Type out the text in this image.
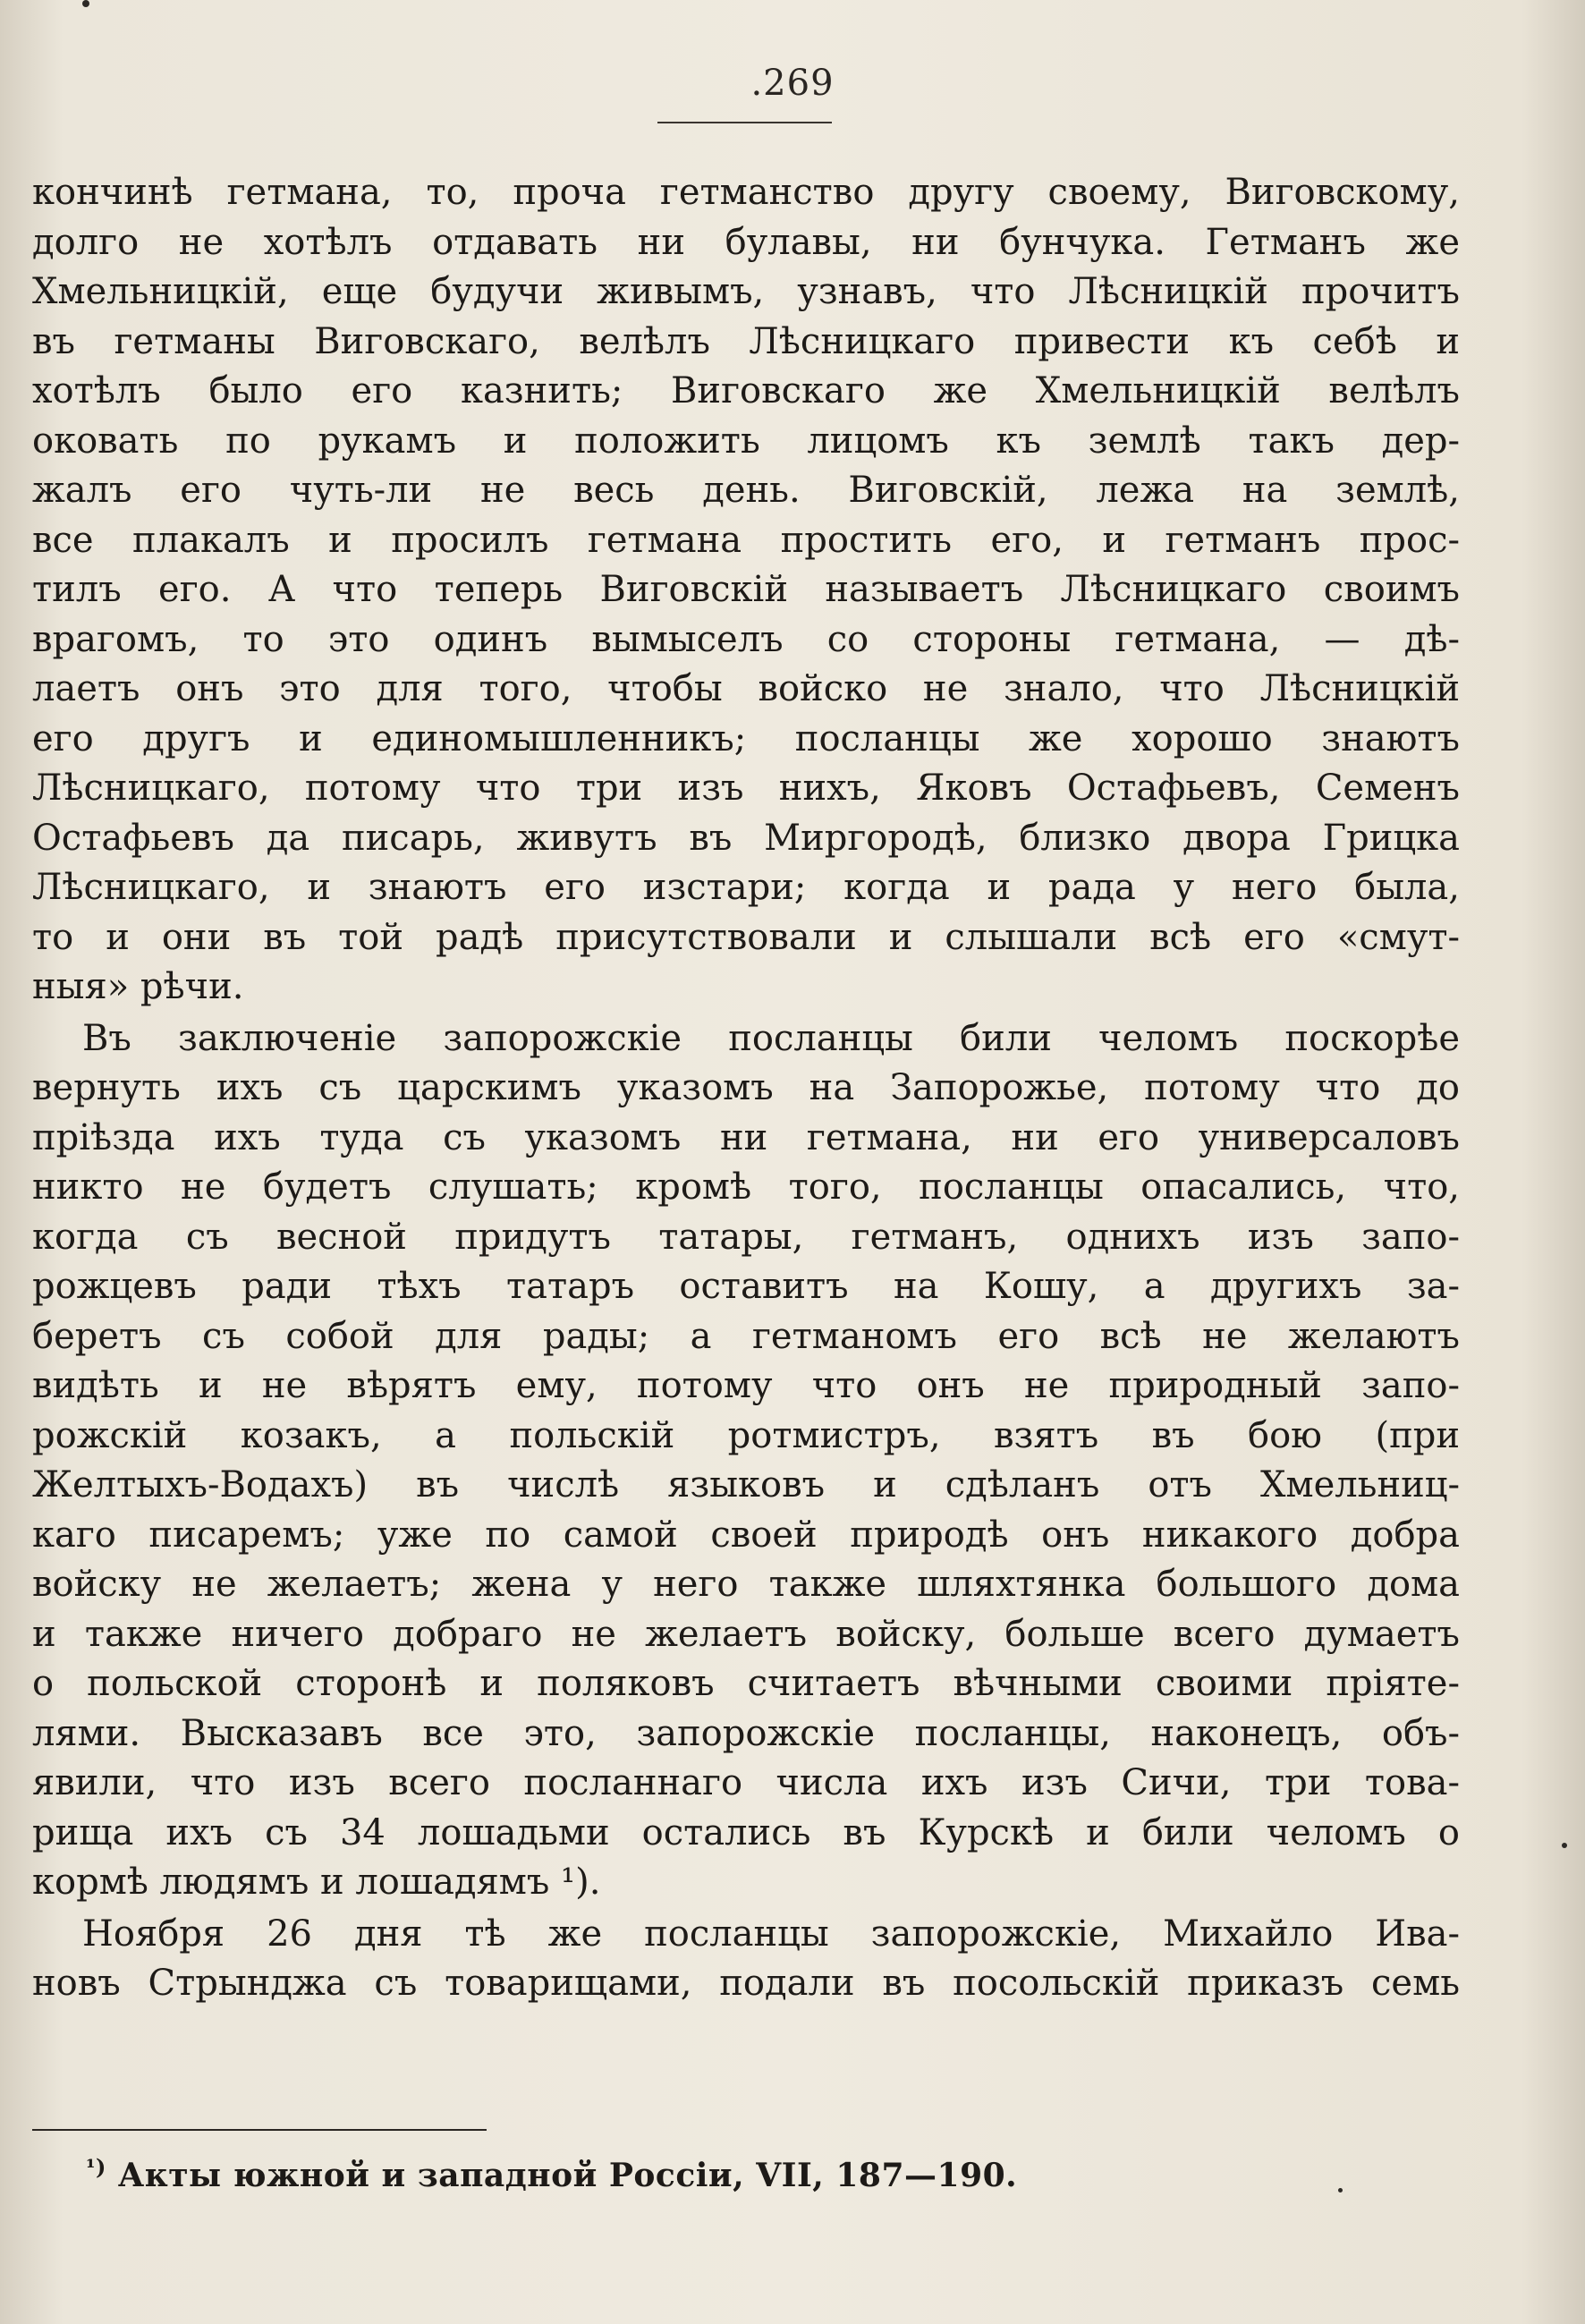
.269

кончинѣ гетмана, то, проча гетманство другу своему, Виговскому,

долго не хотѣлъ отдавать ни булавы, ни бунчука. Гетманъ же

Хмельницкій, еще будучи живымъ, узнавъ, что Лѣсницкій прочитъ

въ гетманы Виговскаго, велѣлъ Лѣсницкаго привести къ себѣ и

хотѣлъ было его казнить; Виговскаго же Хмельницкій велѣлъ

оковать по рукамъ и положить лицомъ къ землѣ такъ дер-

жалъ его чуть-ли не весь день. Виговскій, лежа на землѣ,

все плакалъ и просилъ гетмана простить его, и гетманъ прос-

тилъ его. А что теперь Виговскій называетъ Лѣсницкаго своимъ

врагомъ, то это одинъ вымыселъ со стороны гетмана, — дѣ-

лаетъ онъ это для того, чтобы войско не знало, что Лѣсницкій

его другъ и единомышленникъ; посланцы же хорошо знаютъ

Лѣсницкаго, потому что три изъ нихъ, Яковъ Остафьевъ, Семенъ

Остафьевъ да писарь, живутъ въ Миргородѣ, близко двора Грицка

Лѣсницкаго, и знаютъ его изстари; когда и рада у него была,

то и они въ той радѣ присутствовали и слышали всѣ его «смут-

ныя» рѣчи.

Въ заключеніе запорожскіе посланцы били челомъ поскорѣе

вернуть ихъ съ царскимъ указомъ на Запорожье, потому что до

пріѣзда ихъ туда съ указомъ ни гетмана, ни его универсаловъ

никто не будетъ слушать; кромѣ того, посланцы опасались, что,

когда съ весной придутъ татары, гетманъ, однихъ изъ запо-

рожцевъ ради тѣхъ татаръ оставитъ на Кошу, а другихъ за-

беретъ съ собой для рады; а гетманомъ его всѣ не желаютъ

видѣть и не вѣрятъ ему, потому что онъ не природный запо-

рожскій козакъ, а польскій ротмистръ, взятъ въ бою (при

Желтыхъ-Водахъ) въ числѣ языковъ и сдѣланъ отъ Хмельниц-

каго писаремъ; уже по самой своей природѣ онъ никакого добра

войску не желаетъ; жена у него также шляхтянка большого дома

и также ничего добраго не желаетъ войску, больше всего думаетъ

о польской сторонѣ и поляковъ считаетъ вѣчными своими пріяте-

лями. Высказавъ все это, запорожскіе посланцы, наконецъ, объ-

явили, что изъ всего посланнаго числа ихъ изъ Сичи, три това-

рища ихъ съ 34 лошадьми остались въ Курскѣ и били челомъ о

кормѣ людямъ и лошадямъ ¹).

Ноября 26 дня тѣ же посланцы запорожскіе, Михайло Ива-

новъ Стрынджа съ товарищами, подали въ посольскій приказъ семь

$^{^1)}$ Акты южной и западной Россіи, VII, 187—190.
